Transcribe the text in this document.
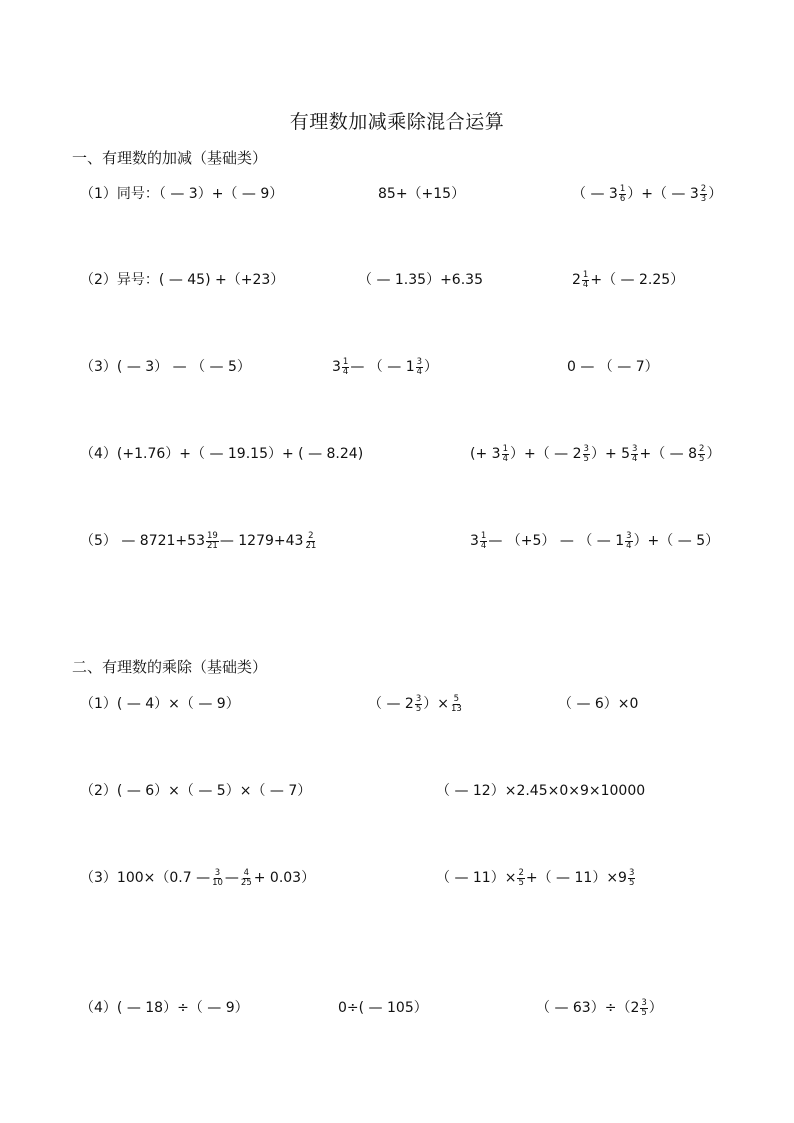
有理数加减乘除混合运算
一、有理数的加减（基础类）
（1）同号：（ — 3）+（ — 9）	85+（+15）	（ — $3 \frac{1}{6}$ ）+（ — $3 \frac{2}{3}$ ）
（2）异号：( — 45) +（+23）	（ — 1.35）+6.35	$2 \frac{1}{4}$ +（ — 2.25）
（3）( — 3） — （ — 5）	$3 \frac{1}{4}$ — （ — $1 \frac{3}{4}$ ）	0 — （ — 7）
（4）(+1.76）+（ — 19.15）+ ( — 8.24)	(+ $3 \frac{1}{4}$ ）+（ — $2 \frac{3}{5}$ ）+ $5 \frac{3}{4}$ +（ — $8 \frac{2}{5}$ ）
（5） — $8721+53 \frac{19}{21}$ — $1279+43 \frac{2}{21}$	$3 \frac{1}{4}$ — （+5） — （ — $1 \frac{3}{4}$ ）+（ — 5）
二、有理数的乘除（基础类）
（1）( — 4）×（ — 9）	（ — $2 \frac{3}{5}$ ）× $\frac{5}{13}$	（ — 6）×0
（2）( — 6）×（ — 5）×（ — 7）	（ — 12）×2.45×0×9×10000
（3）100×（0.7 — $\frac{3}{10}$ — $\frac{4}{25} + 0.03$）	（ — $11)\times \frac{2}{5}$ +（ — $11)\times 9 \frac{3}{5}$
（4）( — 18）÷（ — 9）	0÷( — 105）	（ — $63)\div(2 \frac{3}{5}$ ）
